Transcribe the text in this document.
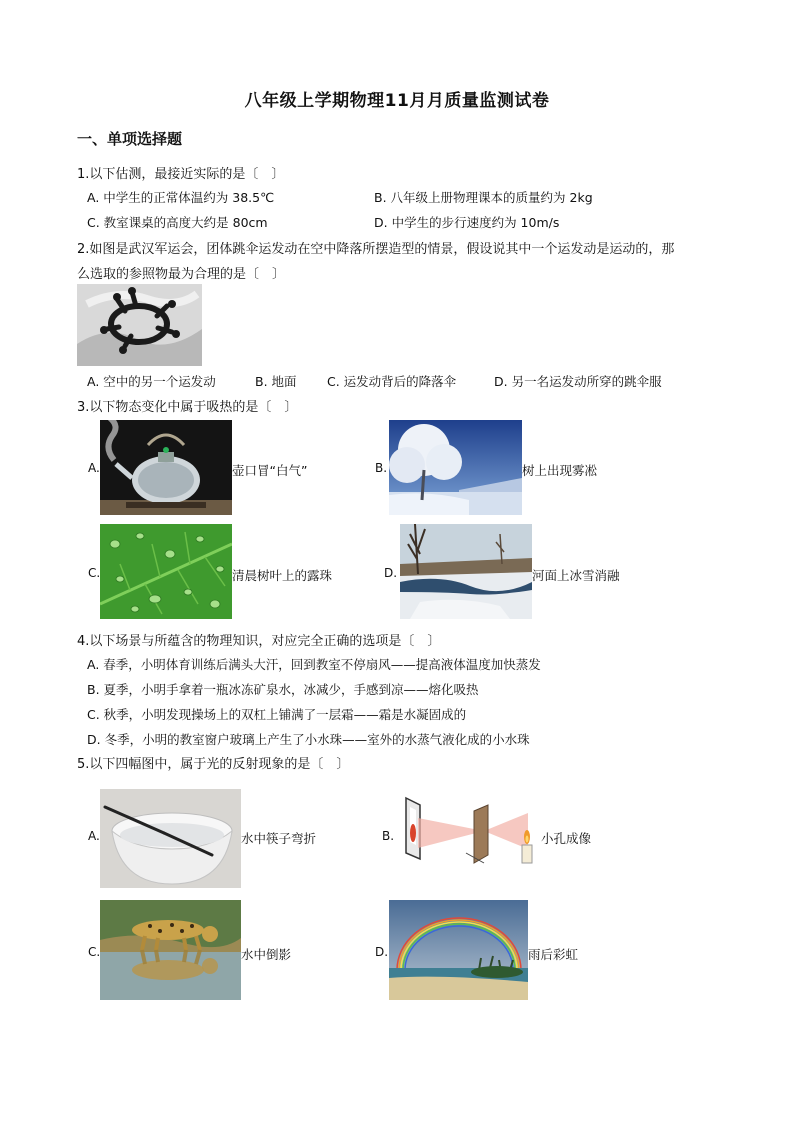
八年级上学期物理11月月质量监测试卷
一、单项选择题
1.以下估测，最接近实际的是〔　〕
A. 中学生的正常体温约为 38.5℃	B. 八年级上册物理课本的质量约为 2kg
C. 教室课桌的高度大约是 80cm	D. 中学生的步行速度约为 10m/s
2.如图是武汉军运会，团体跳伞运发动在空中降落所摆造型的情景，假设说其中一个运发动是运动的，那
么选取的参照物最为合理的是〔　〕
A. 空中的另一个运发动	B. 地面 C. 运发动背后的降落伞	D. 另一名运发动所穿的跳伞服
3.以下物态变化中属于吸热的是〔　〕
A.	壶口冒“白气”	B.	树上出现雾凇
C.	清晨树叶上的露珠	D.	河面上冰雪消融
4.以下场景与所蕴含的物理知识，对应完全正确的选项是〔　〕
A. 春季，小明体育训练后满头大汗，回到教室不停扇风——提高液体温度加快蒸发
B. 夏季，小明手拿着一瓶冰冻矿泉水，冰减少，手感到凉——熔化吸热
C. 秋季，小明发现操场上的双杠上铺满了一层霜——霜是水凝固成的
D. 冬季，小明的教室窗户玻璃上产生了小水珠——室外的水蒸气液化成的小水珠
5.以下四幅图中，属于光的反射现象的是〔　〕
A.	水中筷子弯折	B.	小孔成像
C.	水中倒影	D.	雨后彩虹
